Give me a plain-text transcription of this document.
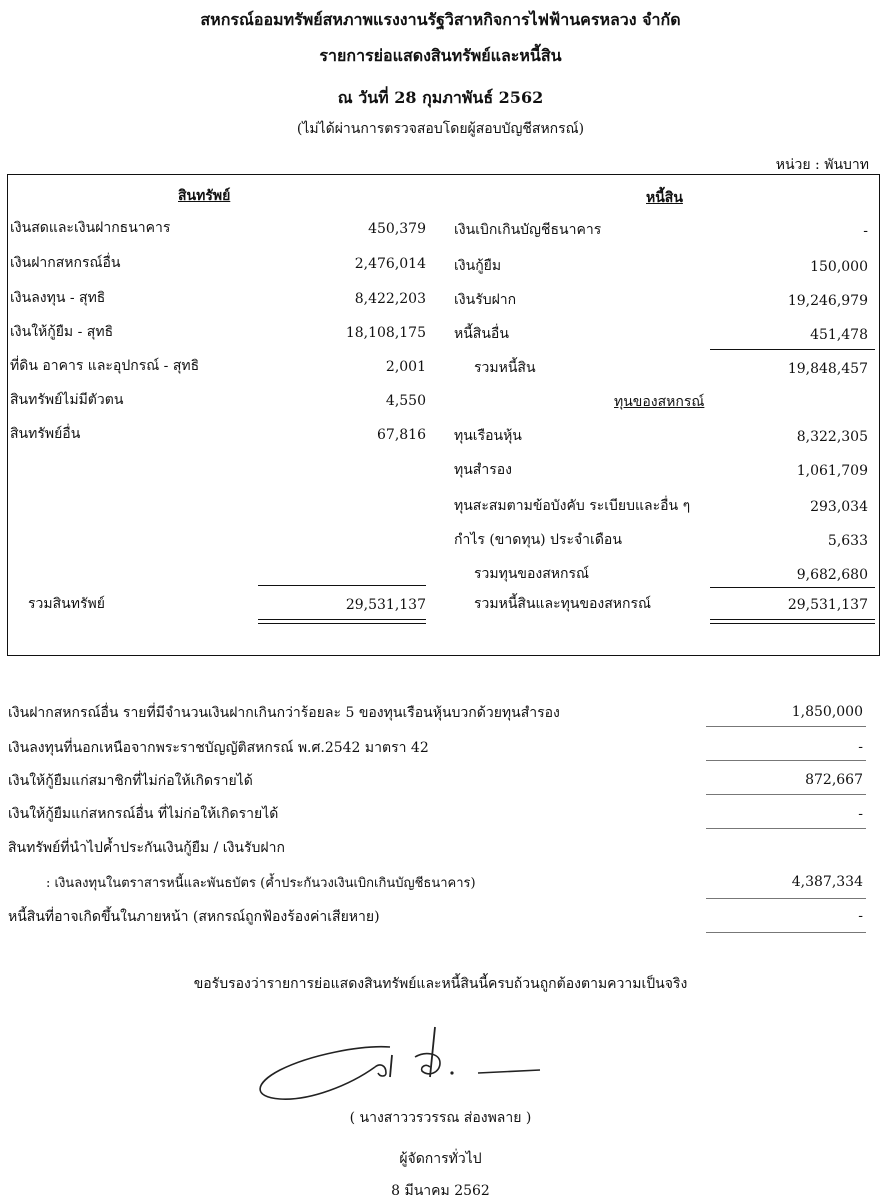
สหกรณ์ออมทรัพย์สหภาพแรงงานรัฐวิสาหกิจการไฟฟ้านครหลวง จำกัด
รายการย่อแสดงสินทรัพย์และหนี้สิน
ณ วันที่ 28 กุมภาพันธ์ 2562
(ไม่ได้ผ่านการตรวจสอบโดยผู้สอบบัญชีสหกรณ์)
หน่วย : พันบาท
สินทรัพย์
เงินสดและเงินฝากธนาคาร	450,379
เงินฝากสหกรณ์อื่น	2,476,014
เงินลงทุน - สุทธิ	8,422,203
เงินให้กู้ยืม - สุทธิ	18,108,175
ที่ดิน อาคาร และอุปกรณ์ - สุทธิ	2,001
สินทรัพย์ไม่มีตัวตน	4,550
สินทรัพย์อื่น	67,816
รวมสินทรัพย์	29,531,137
หนี้สิน
เงินเบิกเกินบัญชีธนาคาร	-
เงินกู้ยืม	150,000
เงินรับฝาก	19,246,979
หนี้สินอื่น	451,478
รวมหนี้สิน	19,848,457
ทุนของสหกรณ์
ทุนเรือนหุ้น	8,322,305
ทุนสำรอง	1,061,709
ทุนสะสมตามข้อบังคับ ระเบียบและอื่น ๆ	293,034
กำไร (ขาดทุน) ประจำเดือน	5,633
รวมทุนของสหกรณ์	9,682,680
รวมหนี้สินและทุนของสหกรณ์	29,531,137
เงินฝากสหกรณ์อื่น รายที่มีจำนวนเงินฝากเกินกว่าร้อยละ 5 ของทุนเรือนหุ้นบวกด้วยทุนสำรอง	1,850,000
เงินลงทุนที่นอกเหนือจากพระราชบัญญัติสหกรณ์ พ.ศ.2542 มาตรา 42	-
เงินให้กู้ยืมแก่สมาชิกที่ไม่ก่อให้เกิดรายได้	872,667
เงินให้กู้ยืมแก่สหกรณ์อื่น ที่ไม่ก่อให้เกิดรายได้	-
สินทรัพย์ที่นำไปค้ำประกันเงินกู้ยืม / เงินรับฝาก
: เงินลงทุนในตราสารหนี้และพันธบัตร (ค้ำประกันวงเงินเบิกเกินบัญชีธนาคาร)	4,387,334
หนี้สินที่อาจเกิดขึ้นในภายหน้า (สหกรณ์ถูกฟ้องร้องค่าเสียหาย)	-
ขอรับรองว่ารายการย่อแสดงสินทรัพย์และหนี้สินนี้ครบถ้วนถูกต้องตามความเป็นจริง
( นางสาววรวรรณ ส่องพลาย )
ผู้จัดการทั่วไป
8 มีนาคม 2562
